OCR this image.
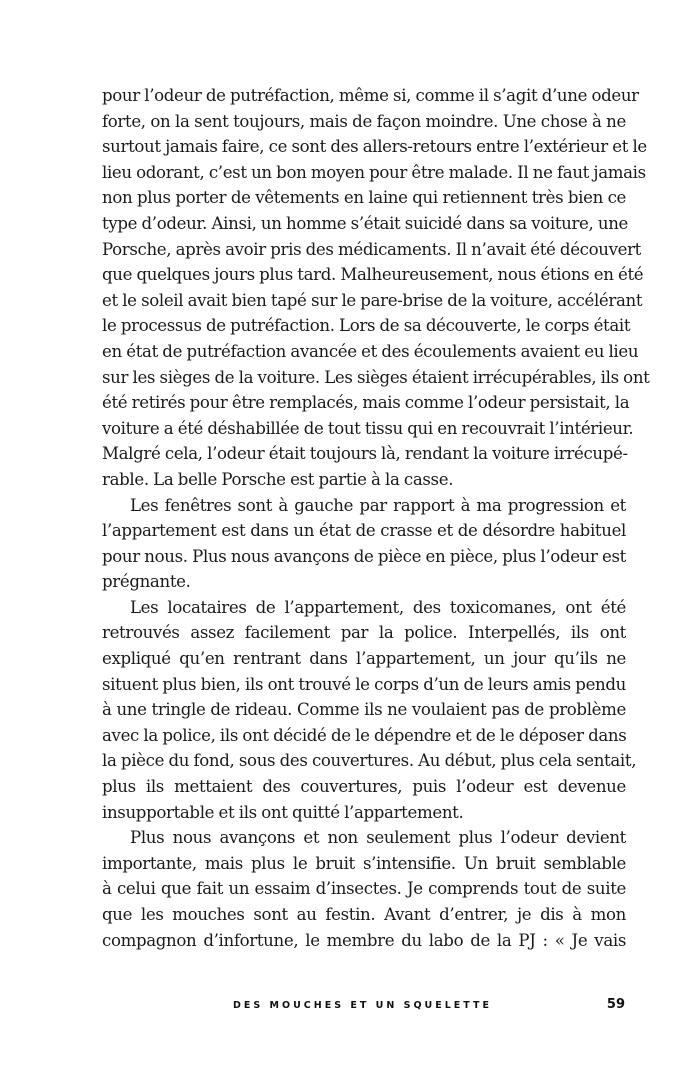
pour l’odeur de putréfaction, même si, comme il s’agit d’une odeur
forte, on la sent toujours, mais de façon moindre. Une chose à ne
surtout jamais faire, ce sont des allers-retours entre l’extérieur et le
lieu odorant, c’est un bon moyen pour être malade. Il ne faut jamais
non plus porter de vêtements en laine qui retiennent très bien ce
type d’odeur. Ainsi, un homme s’était suicidé dans sa voiture, une
Porsche, après avoir pris des médicaments. Il n’avait été découvert
que quelques jours plus tard. Malheureusement, nous étions en été
et le soleil avait bien tapé sur le pare-brise de la voiture, accélérant
le processus de putréfaction. Lors de sa découverte, le corps était
en état de putréfaction avancée et des écoulements avaient eu lieu
sur les sièges de la voiture. Les sièges étaient irrécupérables, ils ont
été retirés pour être remplacés, mais comme l’odeur persistait, la
voiture a été déshabillée de tout tissu qui en recouvrait l’intérieur.
Malgré cela, l’odeur était toujours là, rendant la voiture irrécupé-
rable. La belle Porsche est partie à la casse.
Les fenêtres sont à gauche par rapport à ma progression et
l’appartement est dans un état de crasse et de désordre habituel
pour nous. Plus nous avançons de pièce en pièce, plus l’odeur est
prégnante.
Les locataires de l’appartement, des toxicomanes, ont été
retrouvés assez facilement par la police. Interpellés, ils ont
expliqué qu’en rentrant dans l’appartement, un jour qu’ils ne
situent plus bien, ils ont trouvé le corps d’un de leurs amis pendu
à une tringle de rideau. Comme ils ne voulaient pas de problème
avec la police, ils ont décidé de le dépendre et de le déposer dans
la pièce du fond, sous des couvertures. Au début, plus cela sentait,
plus ils mettaient des couvertures, puis l’odeur est devenue
insupportable et ils ont quitté l’appartement.
Plus nous avançons et non seulement plus l’odeur devient
importante, mais plus le bruit s’intensifie. Un bruit semblable
à celui que fait un essaim d’insectes. Je comprends tout de suite
que les mouches sont au festin. Avant d’entrer, je dis à mon
compagnon d’infortune, le membre du labo de la PJ : « Je vais
DES MOUCHES ET UN SQUELETTE	59
